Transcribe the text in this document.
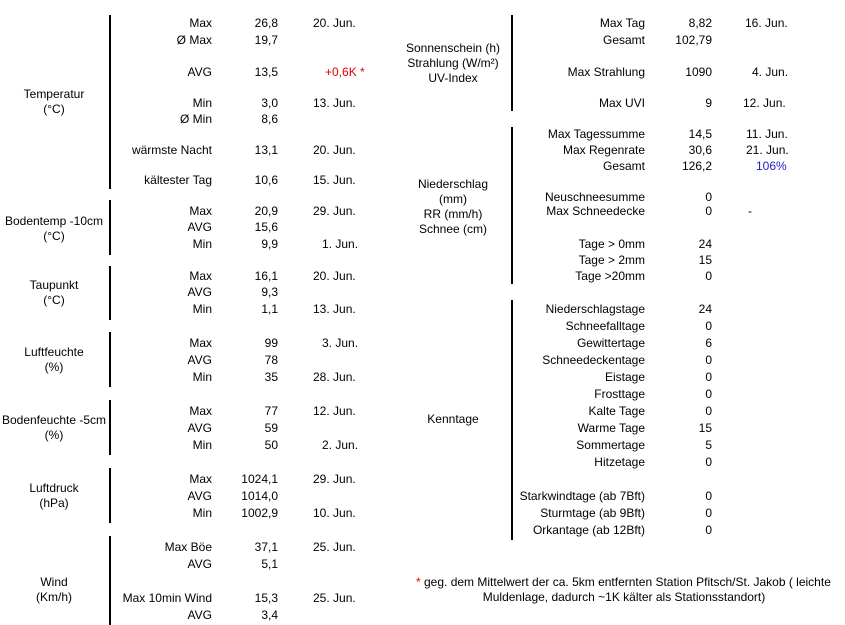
Temperatur
(°C)
Max	26,8	20. Jun.
Ø Max	19,7
AVG	13,5	+0,6K *
Min	3,0	13. Jun.
Ø Min	8,6
wärmste Nacht	13,1	20. Jun.
kältester Tag	10,6	15. Jun.
Bodentemp -10cm
(°C)
Max	20,9	29. Jun.
AVG	15,6
Min	9,9	1. Jun.
Taupunkt
(°C)
Max	16,1	20. Jun.
AVG	9,3
Min	1,1	13. Jun.
Luftfeuchte
(%)
Max	99	3. Jun.
AVG	78
Min	35	28. Jun.
Bodenfeuchte -5cm
(%)
Max	77	12. Jun.
AVG	59
Min	50	2. Jun.
Luftdruck
(hPa)
Max 1024,1	29. Jun.
AVG 1014,0
Min 1002,9	10. Jun.
Wind
(Km/h)
Max Böe	37,1	25. Jun.
AVG	5,1
Max 10min Wind	15,3	25. Jun.
AVG	3,4
Sonnenschein (h)
Strahlung (W/m²)
UV-Index
Max Tag	8,82	16. Jun.
Gesamt	102,79
Max Strahlung	1090	4. Jun.
Max UVI	9	12. Jun.
Niederschlag
(mm)
RR (mm/h)
Schnee (cm)
Max Tagessumme	14,5	11. Jun.
Max Regenrate	30,6	21. Jun.
Gesamt	126,2	106%
Neuschneesumme	0
Max Schneedecke	0	-
Tage > 0mm	24
Tage > 2mm	15
Tage >20mm	0
Kenntage
Niederschlagstage	24
Schneefalltage	0
Gewittertage	6
Schneedeckentage	0
Eistage	0
Frosttage	0
Kalte Tage	0
Warme Tage	15
Sommertage	5
Hitzetage	0
Starkwindtage (ab 7Bft)	0
Sturmtage (ab 9Bft)	0
Orkantage (ab 12Bft)	0
* geg. dem Mittelwert der ca. 5km entfernten Station Pfitsch/St. Jakob ( leichte
Muldenlage, dadurch ~1K kälter als Stationsstandort)
